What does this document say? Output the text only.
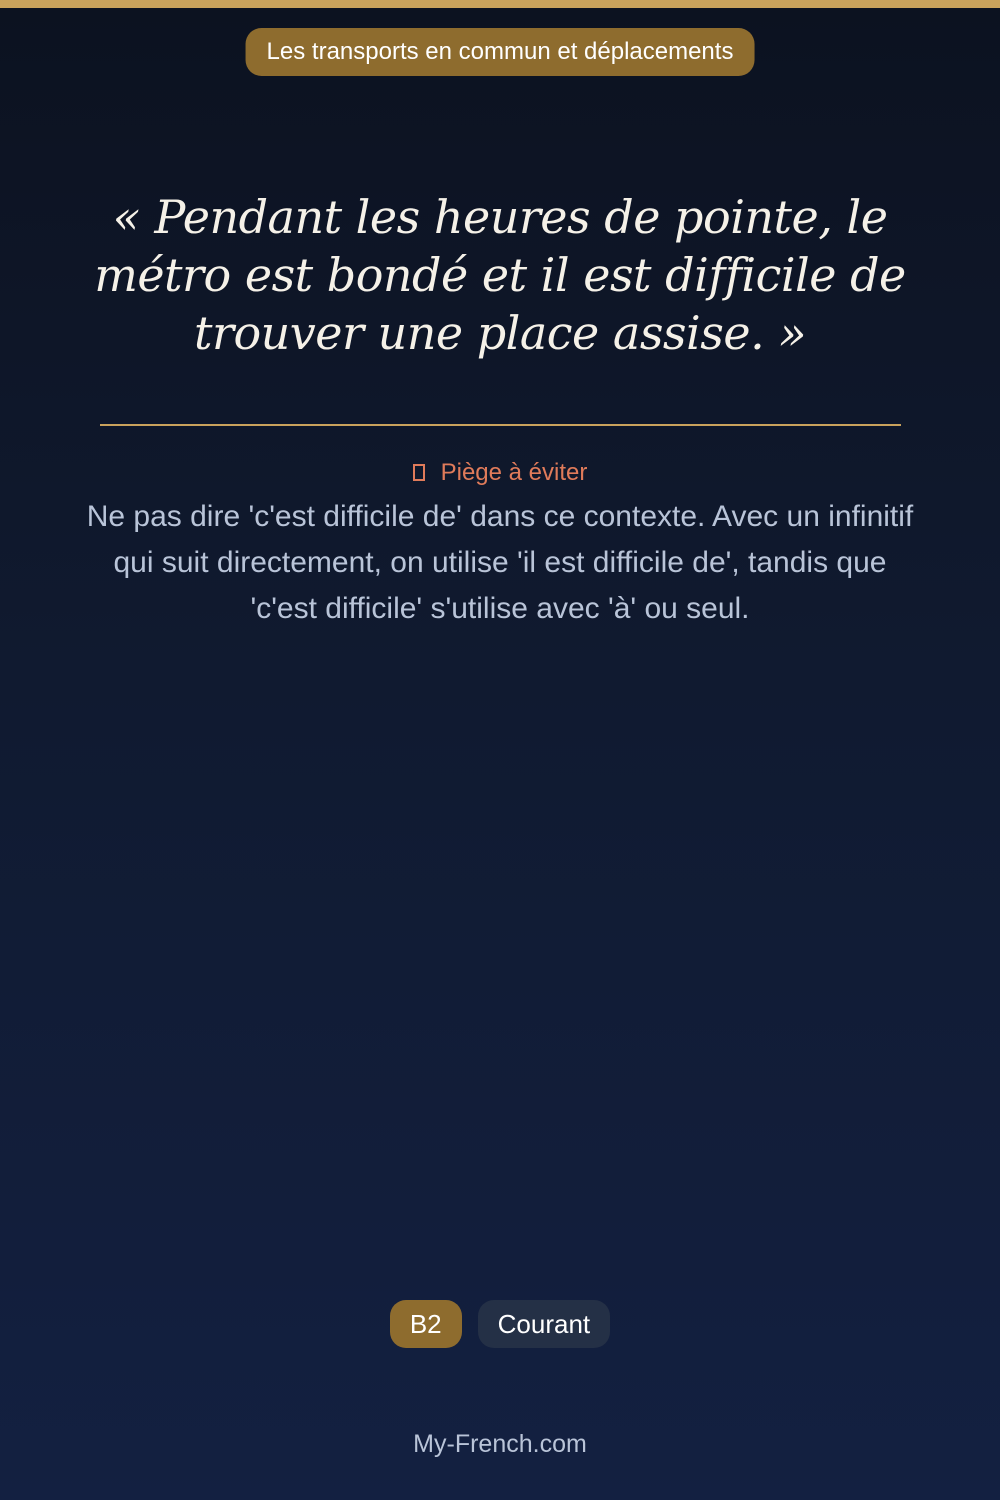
Les transports en commun et déplacements

« Pendant les heures de pointe, le métro est bondé et il est difficile de trouver une place assise. »

Piège à éviter

Ne pas dire 'c'est difficile de' dans ce contexte. Avec un infinitif qui suit directement, on utilise 'il est difficile de', tandis que 'c'est difficile' s'utilise avec 'à' ou seul.

B2 Courant
My-French.com
